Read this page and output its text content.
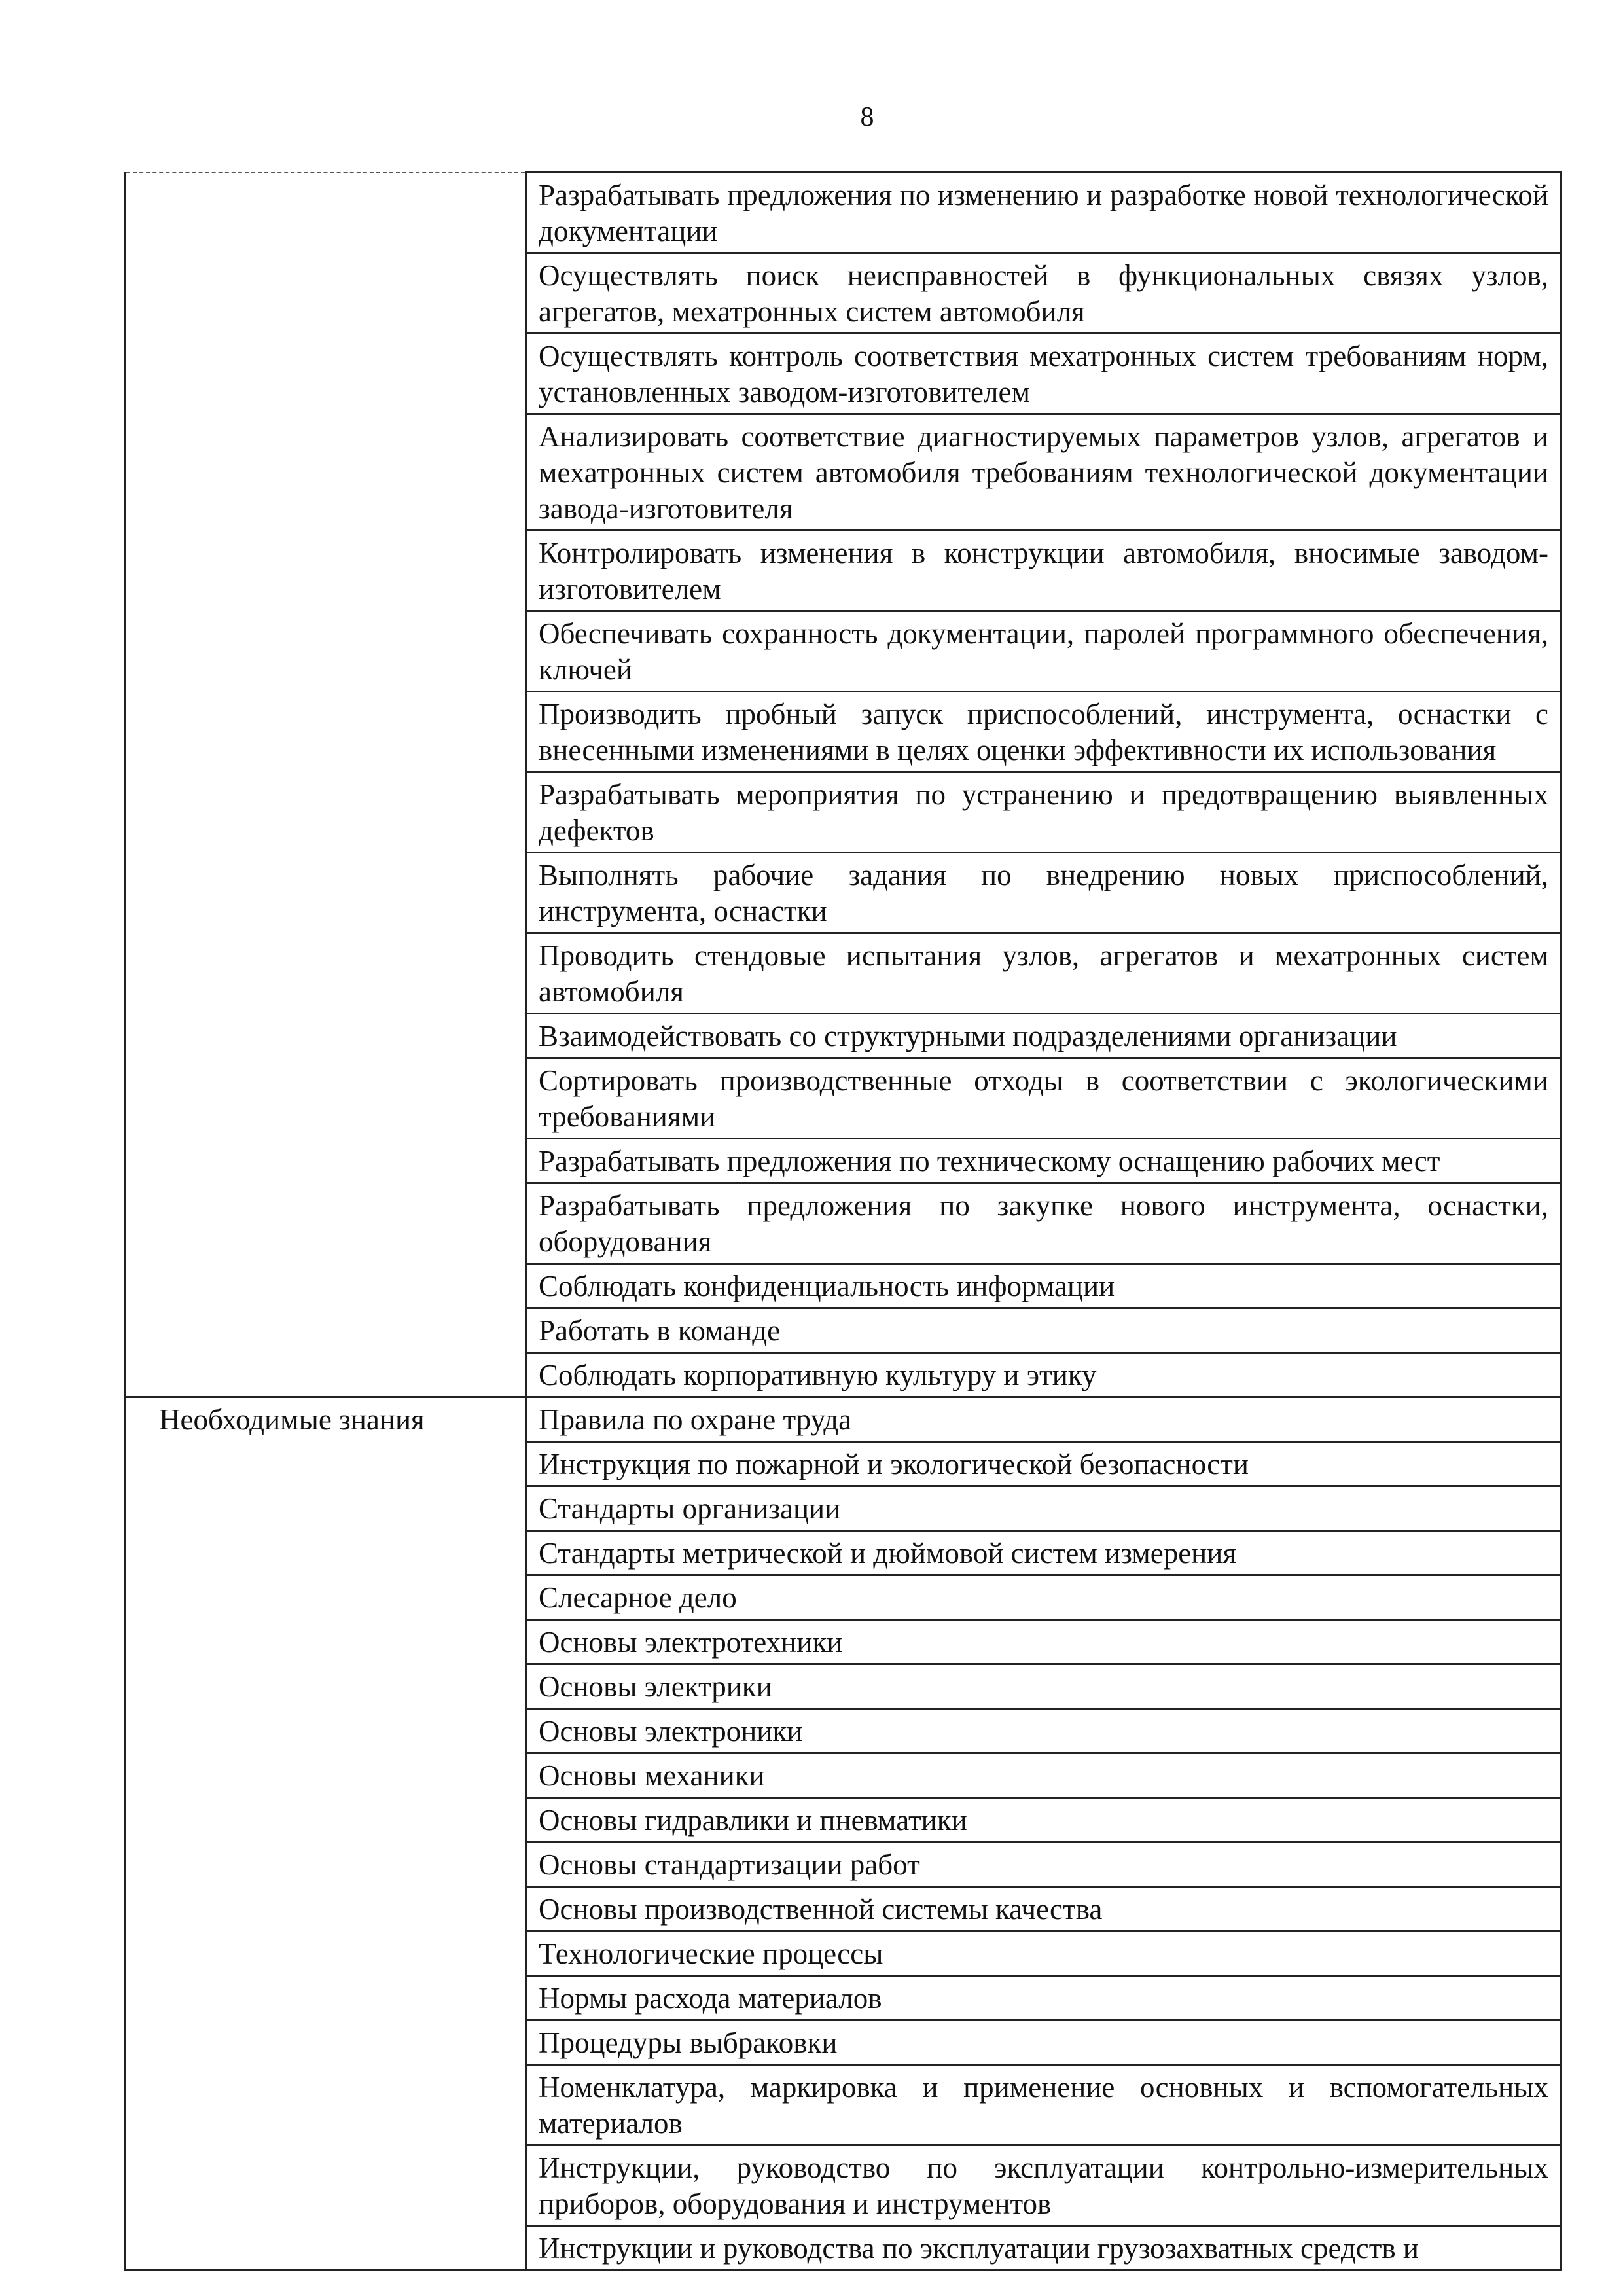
8

	Разрабатывать предложения по изменению и разработке новой технологической документации

	Осуществлять поиск неисправностей в функциональных связях узлов, агрегатов, мехатронных систем автомобиля

	Осуществлять контроль соответствия мехатронных систем требованиям норм, установленных заводом-изготовителем

	Анализировать соответствие диагностируемых параметров узлов, агрегатов и мехатронных систем автомобиля требованиям технологической документации завода-изготовителя

	Контролировать изменения в конструкции автомобиля, вносимые заводом-изготовителем

	Обеспечивать сохранность документации, паролей программного обеспечения, ключей

	Производить пробный запуск приспособлений, инструмента, оснастки с внесенными изменениями в целях оценки эффективности их использования

	Разрабатывать мероприятия по устранению и предотвращению выявленных дефектов

	Выполнять рабочие задания по внедрению новых приспособлений, инструмента, оснастки

	Проводить стендовые испытания узлов, агрегатов и мехатронных систем автомобиля

	Взаимодействовать со структурными подразделениями организации

	Сортировать производственные отходы в соответствии с экологическими требованиями

	Разрабатывать предложения по техническому оснащению рабочих мест

	Разрабатывать предложения по закупке нового инструмента, оснастки, оборудования

	Соблюдать конфиденциальность информации

	Работать в команде

	Соблюдать корпоративную культуру и этику

Необходимые знания	Правила по охране труда

	Инструкция по пожарной и экологической безопасности

	Стандарты организации

	Стандарты метрической и дюймовой систем измерения

	Слесарное дело

	Основы электротехники

	Основы электрики

	Основы электроники

	Основы механики

	Основы гидравлики и пневматики

	Основы стандартизации работ

	Основы производственной системы качества

	Технологические процессы

	Нормы расхода материалов

	Процедуры выбраковки

	Номенклатура, маркировка и применение основных и вспомогательных материалов

	Инструкции, руководство по эксплуатации контрольно-измерительных приборов, оборудования и инструментов

	Инструкции и руководства по эксплуатации грузозахватных средств и
